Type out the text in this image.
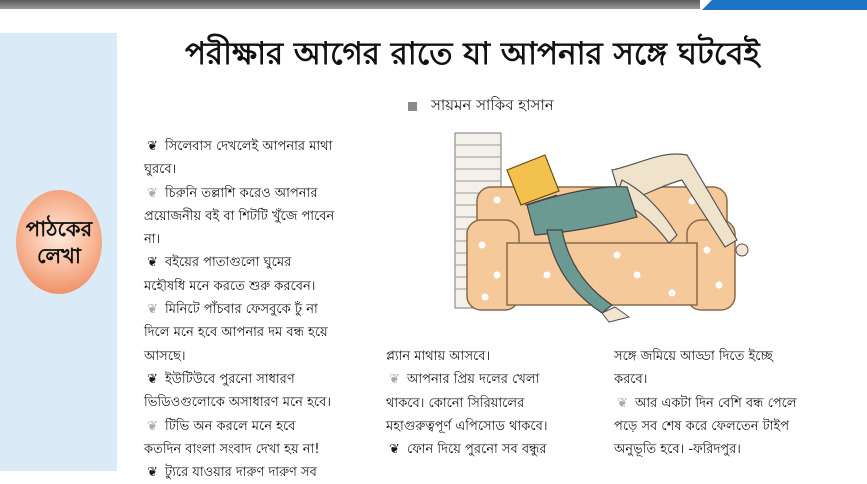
পাঠকের
লেখা
পরীক্ষার আগের রাতে যা আপনার সঙ্গে ঘটবেই
সায়মন সাকিব হাসান
❦ সিলেবাস দেখলেই আপনার মাথা
ঘুরবে।
❦ চিরুনি তল্লাশি করেও আপনার
প্রয়োজনীয় বই বা শিটটি খুঁজে পাবেন
না।
❦ বইয়ের পাতাগুলো ঘুমের
মহৌষধি মনে করতে শুরু করবেন।
❦ মিনিটে পাঁচবার ফেসবুকে ঢুঁ না
দিলে মনে হবে আপনার দম বন্ধ হয়ে
আসছে।
❦ ইউটিউবে পুরনো সাধারণ
ভিডিওগুলোকে অসাধারণ মনে হবে।
❦ টিভি অন করলে মনে হবে
কতদিন বাংলা সংবাদ দেখা হয় না!
❦ ট্যুরে যাওয়ার দারুণ দারুণ সব
প্ল্যান মাথায় আসবে।
❦ আপনার প্রিয় দলের খেলা
থাকবে। কোনো সিরিয়ালের
মহাগুরুত্বপূর্ণ এপিসোড থাকবে।
❦ ফোন দিয়ে পুরনো সব বন্ধুর
সঙ্গে জমিয়ে আড্ডা দিতে ইচ্ছে
করবে।
❦ আর একটা দিন বেশি বন্ধ পেলে
পড়ে সব শেষ করে ফেলতেন টাইপ
অনুভূতি হবে। -ফরিদপুর।
